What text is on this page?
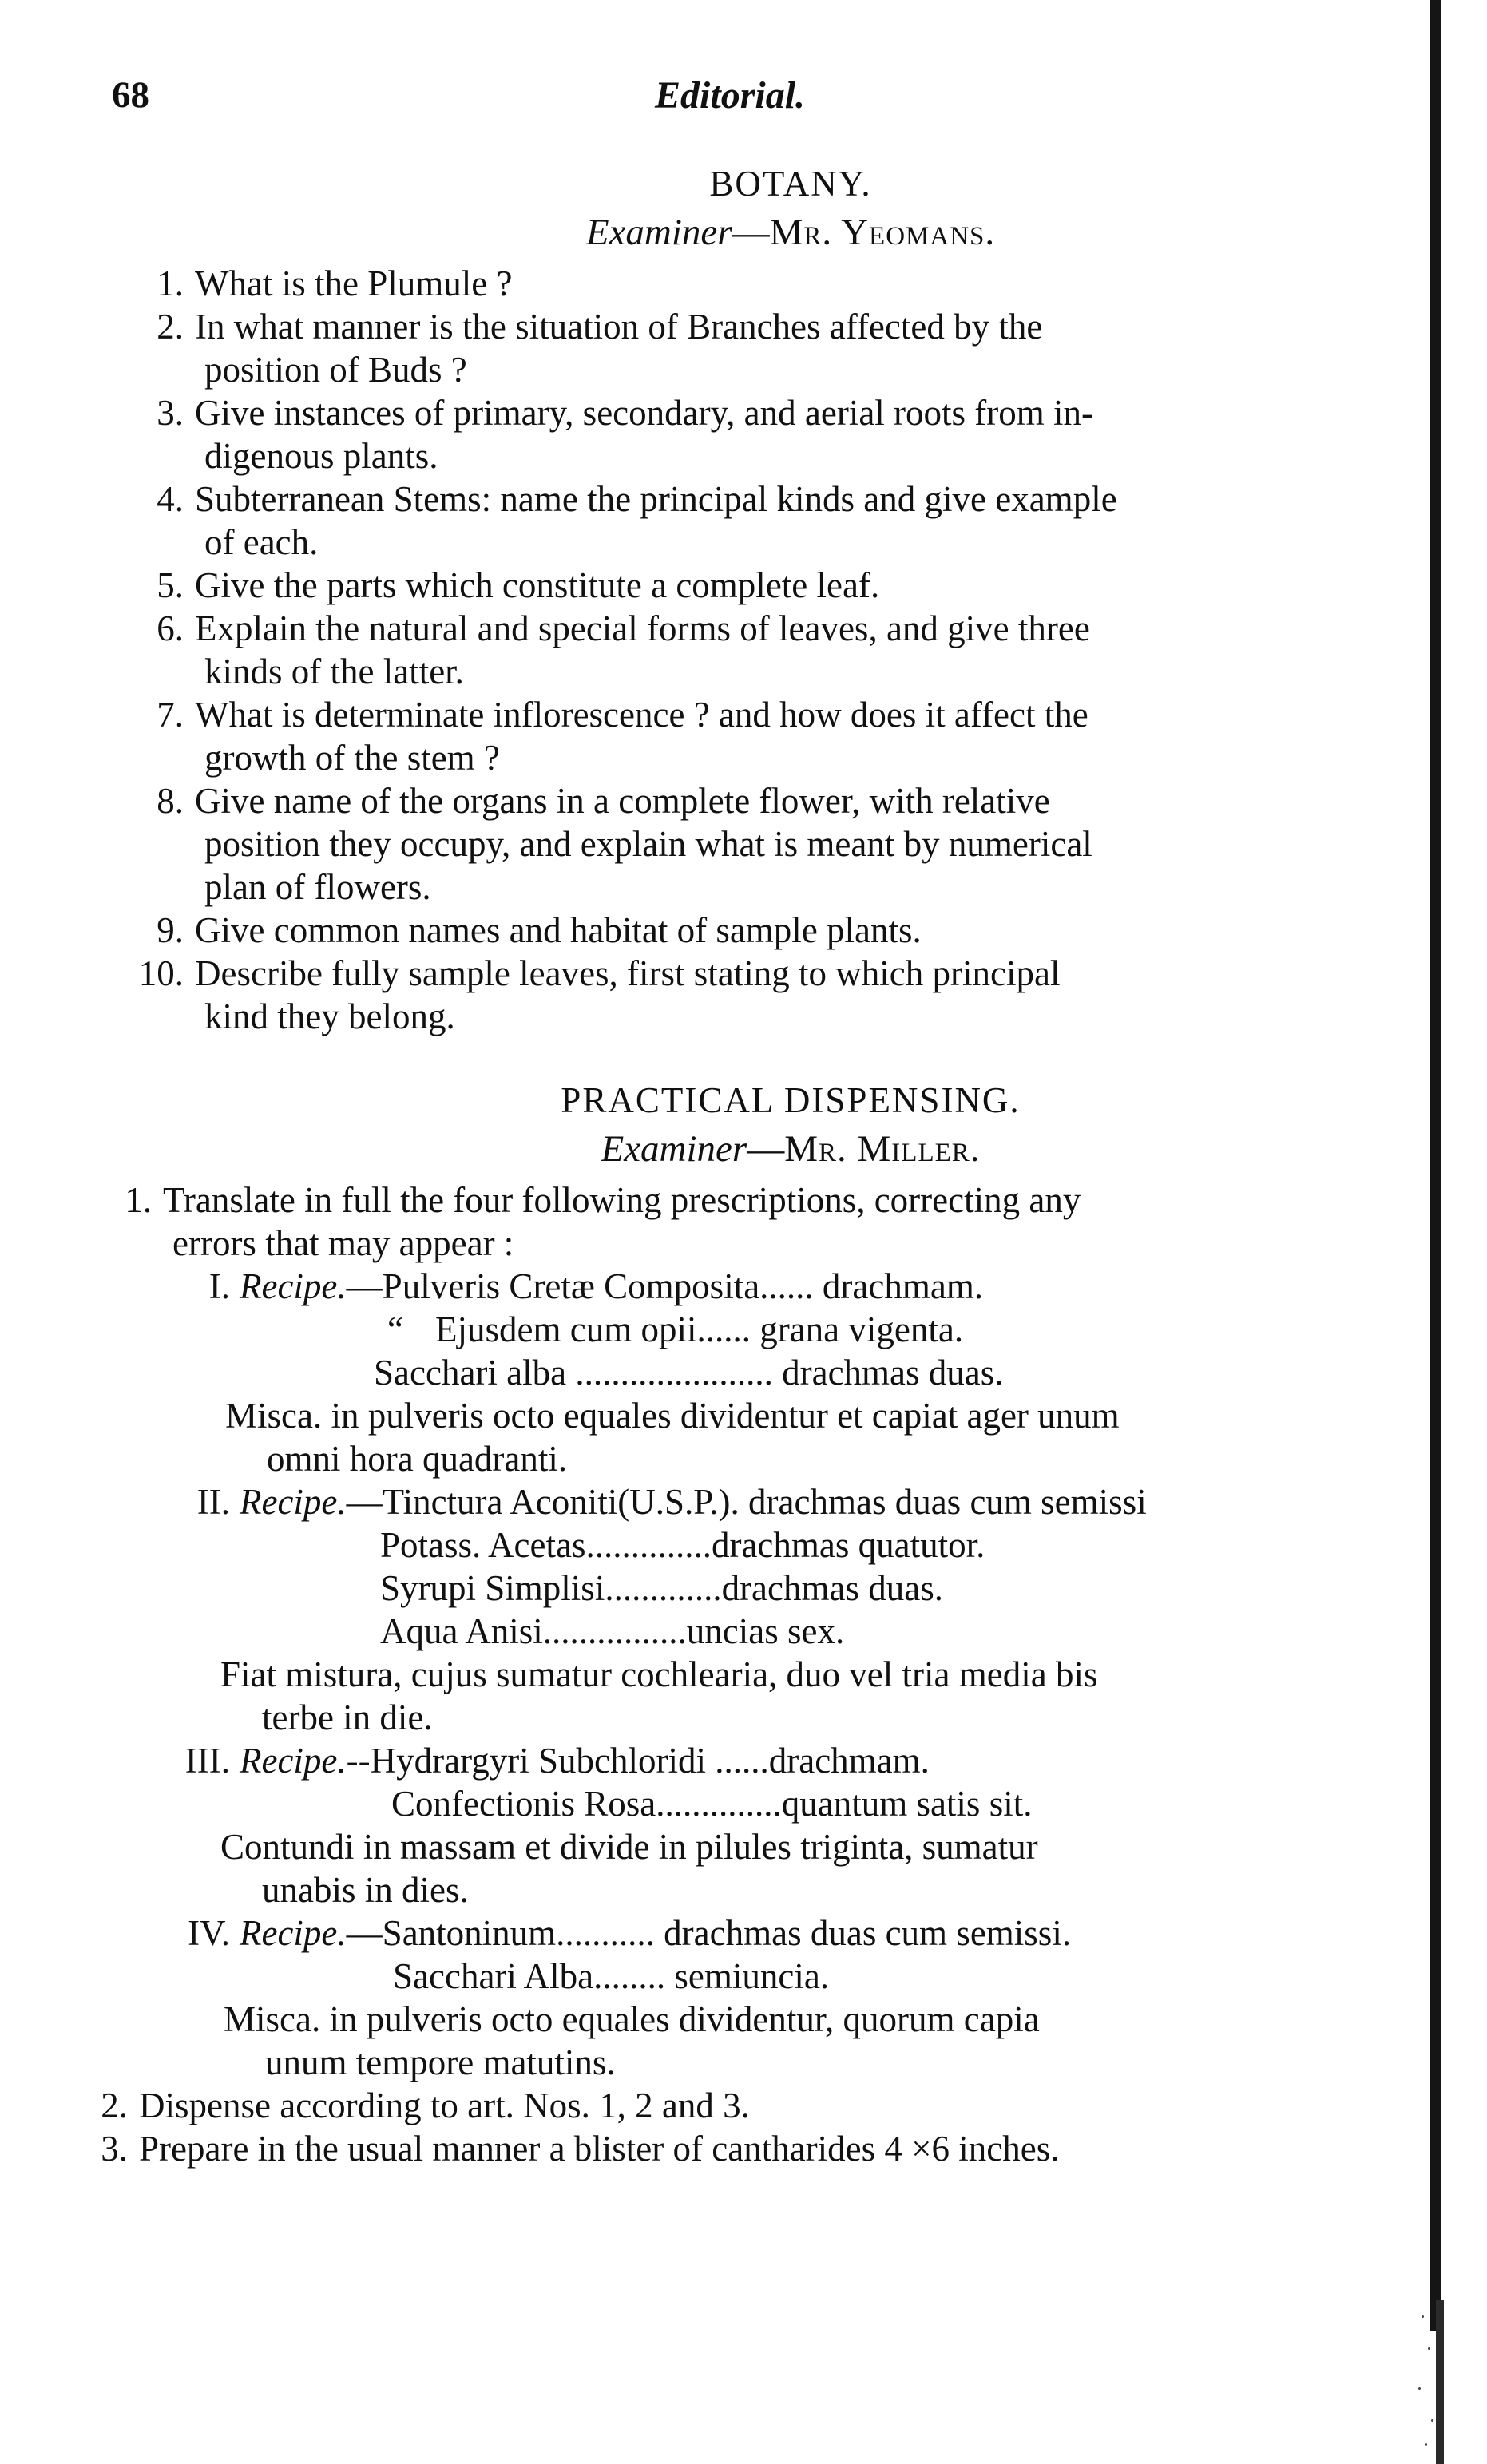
68	Editorial.
BOTANY.
Examiner—Mr. Yeomans.
1. What is the Plumule ?
2. In what manner is the situation of Branches affected by the
position of Buds ?
3. Give instances of primary, secondary, and aerial roots from in-
digenous plants.
4. Subterranean Stems: name the principal kinds and give example
of each.
5. Give the parts which constitute a complete leaf.
6. Explain the natural and special forms of leaves, and give three
kinds of the latter.
7. What is determinate inflorescence ? and how does it affect the
growth of the stem ?
8. Give name of the organs in a complete flower, with relative
position they occupy, and explain what is meant by numerical
plan of flowers.
9. Give common names and habitat of sample plants.
10. Describe fully sample leaves, first stating to which principal
kind they belong.
PRACTICAL DISPENSING.
Examiner—Mr. Miller.
1. Translate in full the four following prescriptions, correcting any
errors that may appear :
I. Recipe. —Pulveris Cretæ Composita...... drachmam.
“ Ejusdem cum opii...... grana vigenta.
Sacchari alba ...................... drachmas duas.
Misca. in pulveris octo equales dividentur et capiat ager unum
omni hora quadranti.
II. Recipe. —Tinctura Aconiti(U.S.P.). drachmas duas cum semissi
Potass. Acetas..............drachmas quatutor.
Syrupi Simplisi.............drachmas duas.
Aqua Anisi................uncias sex.
Fiat mistura, cujus sumatur cochlearia, duo vel tria media bis
terbe in die.
III. Recipe. --Hydrargyri Subchloridi ......drachmam.
Confectionis Rosa..............quantum satis sit.
Contundi in massam et divide in pilules triginta, sumatur
unabis in dies.
IV. Recipe. —Santoninum........... drachmas duas cum semissi.
Sacchari Alba........ semiuncia.
Misca. in pulveris octo equales dividentur, quorum capia
unum tempore matutins.
2. Dispense according to art. Nos. 1, 2 and 3.
3. Prepare in the usual manner a blister of cantharides 4 ×6 inches.
